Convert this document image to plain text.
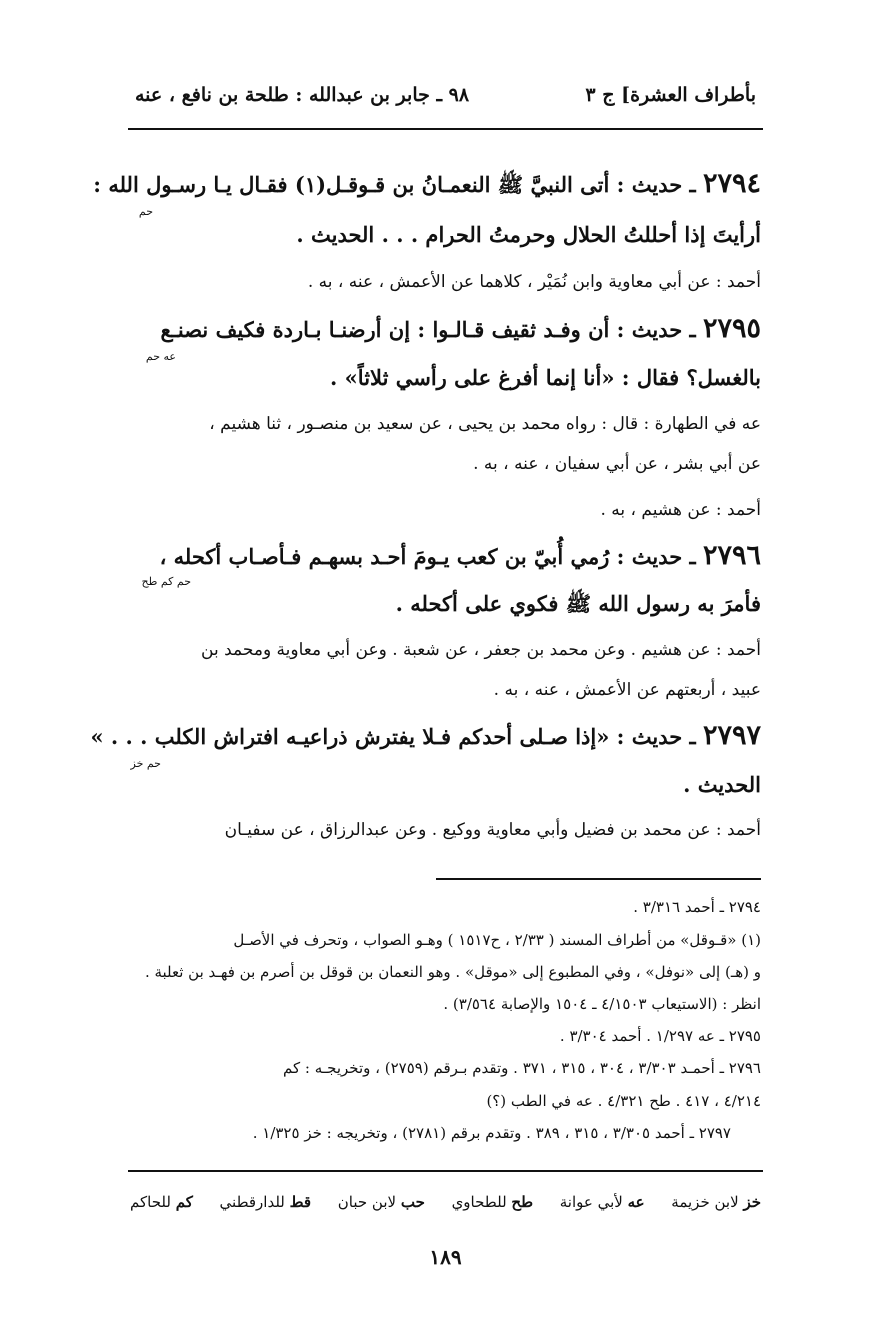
بأطراف العشرة] ج ٣
٩٨ ـ جابر بن عبدالله : طلحة بن نافع ، عنه
٢٧٩٤ ـ حديث : أتى النبيَّ ﷺ النعمـانُ بن قـوقـل(١) فقـال يـا رسـول الله :
حم
أرأيتَ إذا أحللتُ الحلال وحرمتُ الحرام . . . الحديث .
أحمد : عن أبي معاوية وابن نُمَيْر ، كلاهما عن الأعمش ، عنه ، به .
٢٧٩٥ ـ حديث : أن وفـد ثقيف قـالـوا : إن أرضنـا بـاردة فكيف نصنـع
عه حم
بالغسل؟ فقال : «أنا إنما أفرغ على رأسي ثلاثاً» .
عه في الطهارة : قال : رواه محمد بن يحيى ، عن سعيد بن منصـور ، ثنا هشيم ،
عن أبي بشر ، عن أبي سفيان ، عنه ، به .
أحمد : عن هشيم ، به .
٢٧٩٦ ـ حديث : رُمي أُبيّ بن كعب يـومَ أحـد بسهـم فـأصـاب أكحله ،
حم كم طح
فأمرَ به رسول الله ﷺ فكوي على أكحله .
أحمد : عن هشيم . وعن محمد بن جعفر ، عن شعبة . وعن أبي معاوية ومحمد بن
عبيد ، أربعتهم عن الأعمش ، عنه ، به .
٢٧٩٧ ـ حديث : «إذا صـلى أحدكم فـلا يفترش ذراعيـه افتراش الكلب . . . »
حم خز
الحديث .
أحمد : عن محمد بن فضيل وأبي معاوية ووكيع . وعن عبدالرزاق ، عن سفيـان
٢٧٩٤ ـ أحمد ٣/٣١٦ .
(١) «قـوقل» من أطراف المسند ( ٢/٣٣ ، ح١٥١٧ ) وهـو الصواب ، وتحرف في الأصـل
و (هـ) إلى «نوفل» ، وفي المطبوع إلى «موقل» . وهو النعمان بن قوقل بن أصرم بن فهـد بن ثعلبة .
انظر : (الاستيعاب ٤/١٥٠٣ ـ ١٥٠٤ والإصابة ٣/٥٦٤) .
٢٧٩٥ ـ عه ١/٢٩٧ . أحمد ٣/٣٠٤ .
٢٧٩٦ ـ أحمـد ٣/٣٠٣ ، ٣٠٤ ، ٣١٥ ، ٣٧١ . وتقدم بـرقم (٢٧٥٩) ، وتخريجـه : كم
٤/٢١٤ ، ٤١٧ . طح ٤/٣٢١ . عه في الطب (؟)
٢٧٩٧ ـ أحمد ٣/٣٠٥ ، ٣١٥ ، ٣٨٩ . وتقدم برقم (٢٧٨١) ، وتخريجه : خز ١/٣٢٥ .
خز لابن خزيمة
عه لأبي عوانة
طح للطحاوي
حب لابن حبان
قط للدارقطني
كم للحاكم
١٨٩
